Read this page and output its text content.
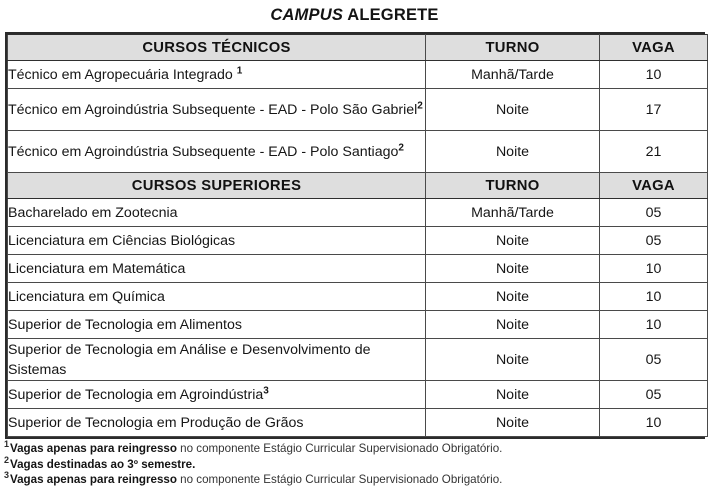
CAMPUS ALEGRETE
CURSOS TÉCNICOS	TURNO	VAGA
Técnico em Agropecuária Integrado $^1$	Manhã/Tarde	10
Técnico em Agroindústria Subsequente - EAD - Polo São Gabriel$^2$	Noite	17
Técnico em Agroindústria Subsequente - EAD - Polo Santiago$^2$	Noite	21
CURSOS SUPERIORES	TURNO	VAGA
Bacharelado em Zootecnia	Manhã/Tarde	05
Licenciatura em Ciências Biológicas	Noite	05
Licenciatura em Matemática	Noite	10
Licenciatura em Química	Noite	10
Superior de Tecnologia em Alimentos	Noite	10
Superior de Tecnologia em Análise e Desenvolvimento de Sistemas	Noite	05
Superior de Tecnologia em Agroindústria$^3$	Noite	05
Superior de Tecnologia em Produção de Grãos	Noite	10
$^1$Vagas apenas para reingresso no componente Estágio Curricular Supervisionado Obrigatório.
$^2$Vagas destinadas ao 3º semestre.
$^3$Vagas apenas para reingresso no componente Estágio Curricular Supervisionado Obrigatório.
